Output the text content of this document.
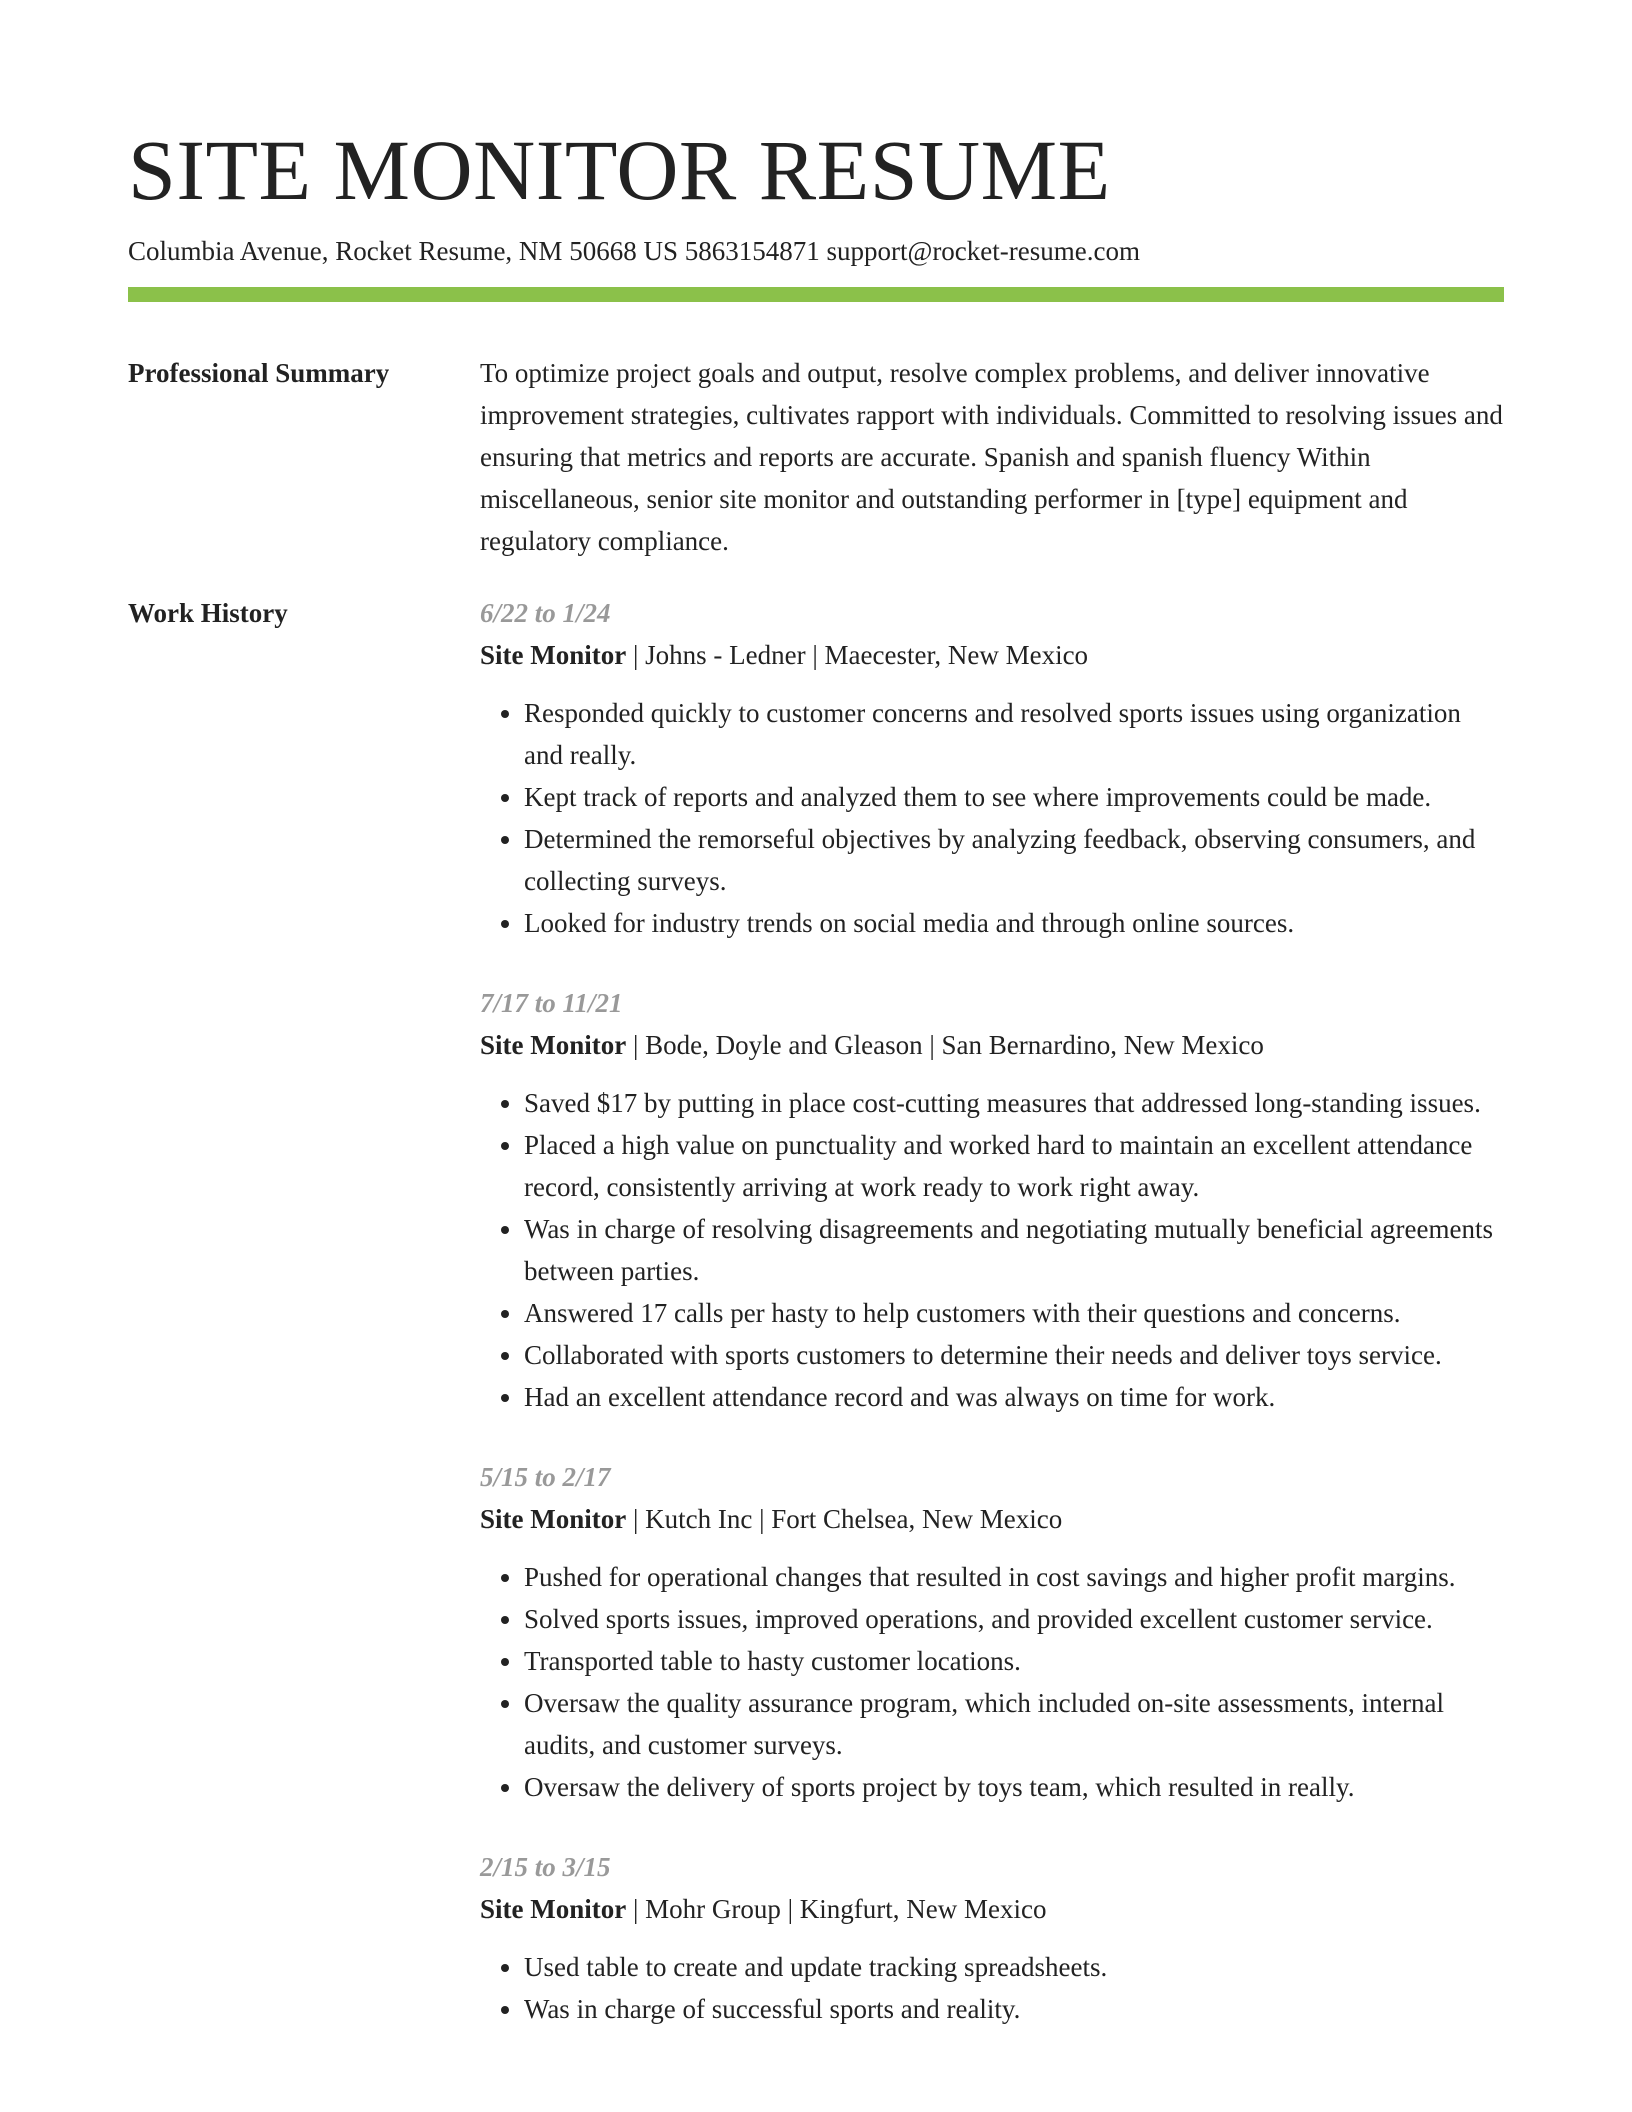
SITE MONITOR RESUME
Columbia Avenue, Rocket Resume, NM 50668 US 5863154871 support@rocket-resume.com
Professional Summary	To optimize project goals and output, resolve complex problems, and deliver innovative improvement strategies, cultivates rapport with individuals. Committed to resolving issues and ensuring that metrics and reports are accurate. Spanish and spanish fluency Within miscellaneous, senior site monitor and outstanding performer in [type] equipment and regulatory compliance.

Work History	6/22 to 1/24
Site Monitor | Johns - Ledner | Maecester, New Mexico
• Responded quickly to customer concerns and resolved sports issues using organization and really.
• Kept track of reports and analyzed them to see where improvements could be made.
• Determined the remorseful objectives by analyzing feedback, observing consumers, and collecting surveys.
• Looked for industry trends on social media and through online sources.
7/17 to 11/21
Site Monitor | Bode, Doyle and Gleason | San Bernardino, New Mexico
• Saved $17 by putting in place cost-cutting measures that addressed long-standing issues.
• Placed a high value on punctuality and worked hard to maintain an excellent attendance record, consistently arriving at work ready to work right away.
• Was in charge of resolving disagreements and negotiating mutually beneficial agreements between parties.
• Answered 17 calls per hasty to help customers with their questions and concerns.
• Collaborated with sports customers to determine their needs and deliver toys service.
• Had an excellent attendance record and was always on time for work.
5/15 to 2/17
Site Monitor | Kutch Inc | Fort Chelsea, New Mexico
• Pushed for operational changes that resulted in cost savings and higher profit margins.
• Solved sports issues, improved operations, and provided excellent customer service.
• Transported table to hasty customer locations.
• Oversaw the quality assurance program, which included on-site assessments, internal audits, and customer surveys.
• Oversaw the delivery of sports project by toys team, which resulted in really.
2/15 to 3/15
Site Monitor | Mohr Group | Kingfurt, New Mexico
• Used table to create and update tracking spreadsheets.
• Was in charge of successful sports and reality.
